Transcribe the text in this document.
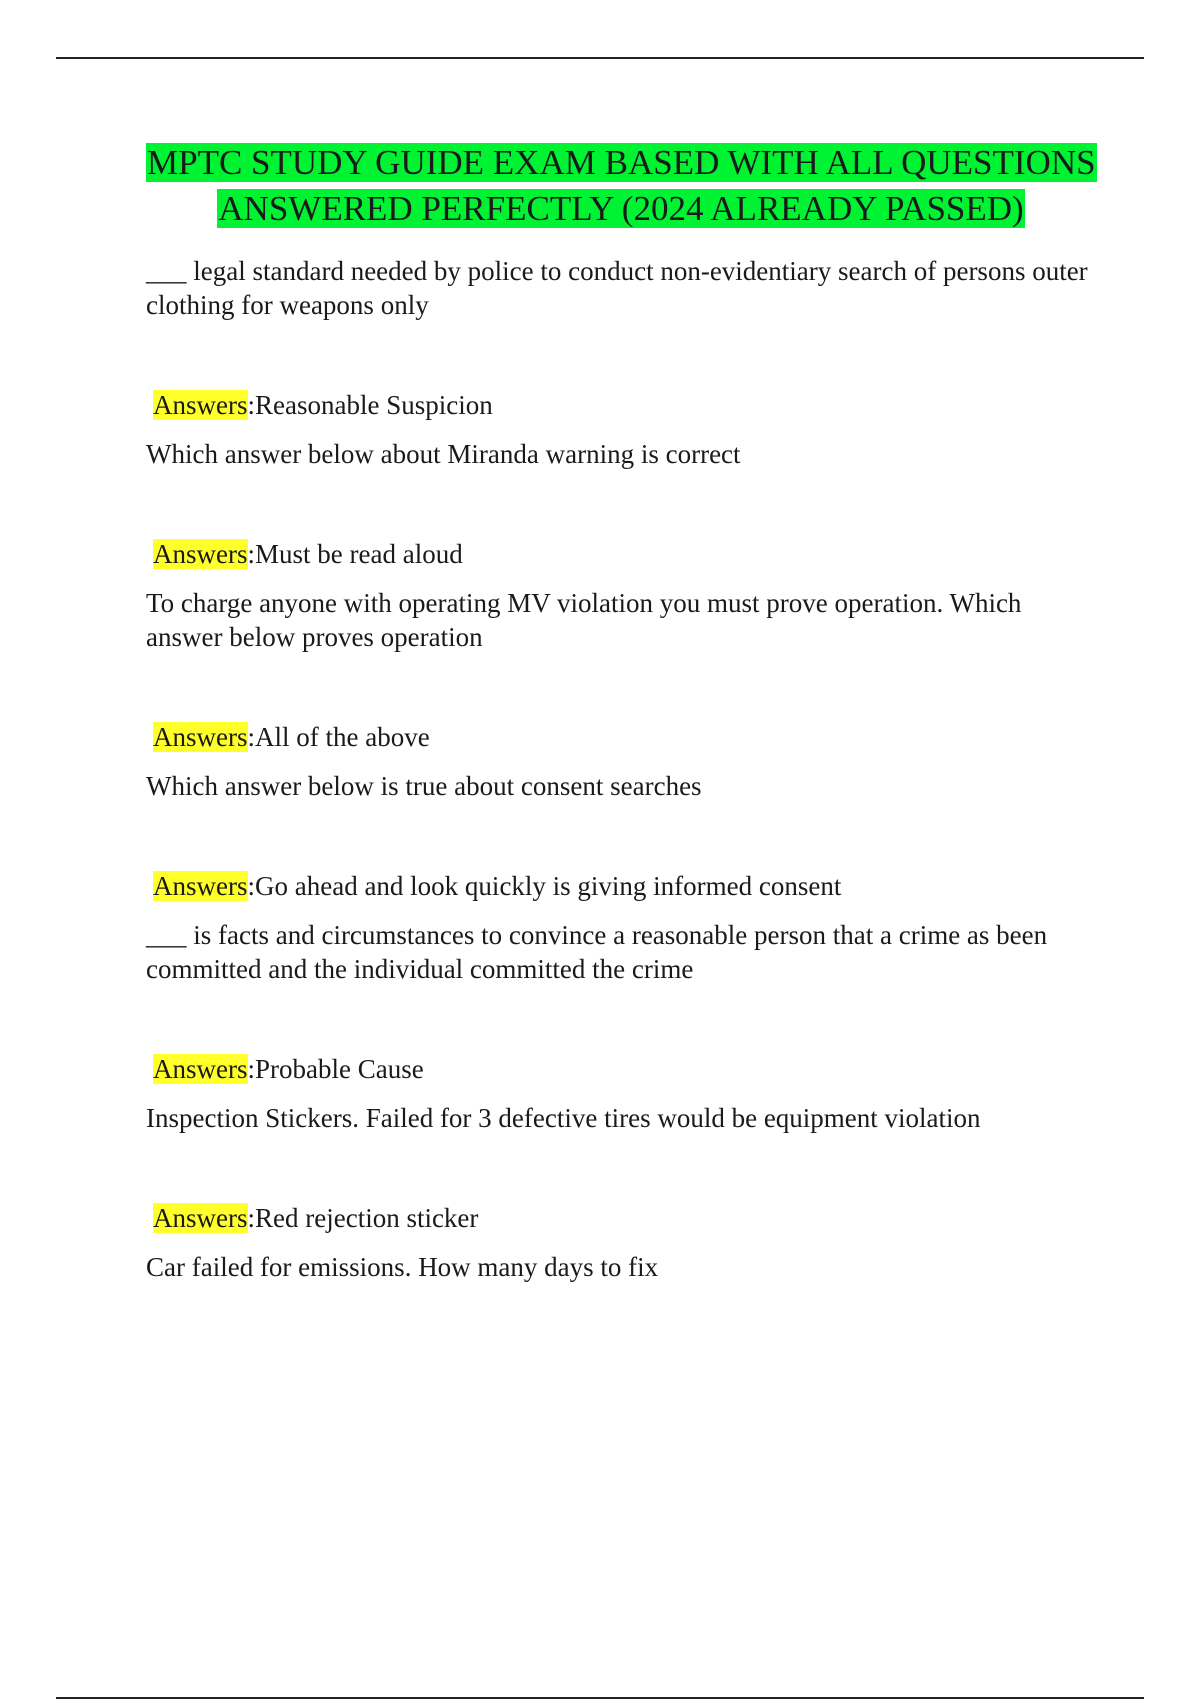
MPTC STUDY GUIDE EXAM BASED WITH ALL QUESTIONS ANSWERED PERFECTLY (2024 ALREADY PASSED)

___ legal standard needed by police to conduct non-evidentiary search of persons outer clothing for weapons only

Answers:Reasonable Suspicion

Which answer below about Miranda warning is correct

Answers:Must be read aloud

To charge anyone with operating MV violation you must prove operation. Which answer below proves operation

Answers:All of the above

Which answer below is true about consent searches

Answers:Go ahead and look quickly is giving informed consent

___ is facts and circumstances to convince a reasonable person that a crime as been committed and the individual committed the crime

Answers:Probable Cause

Inspection Stickers. Failed for 3 defective tires would be equipment violation

Answers:Red rejection sticker

Car failed for emissions. How many days to fix
